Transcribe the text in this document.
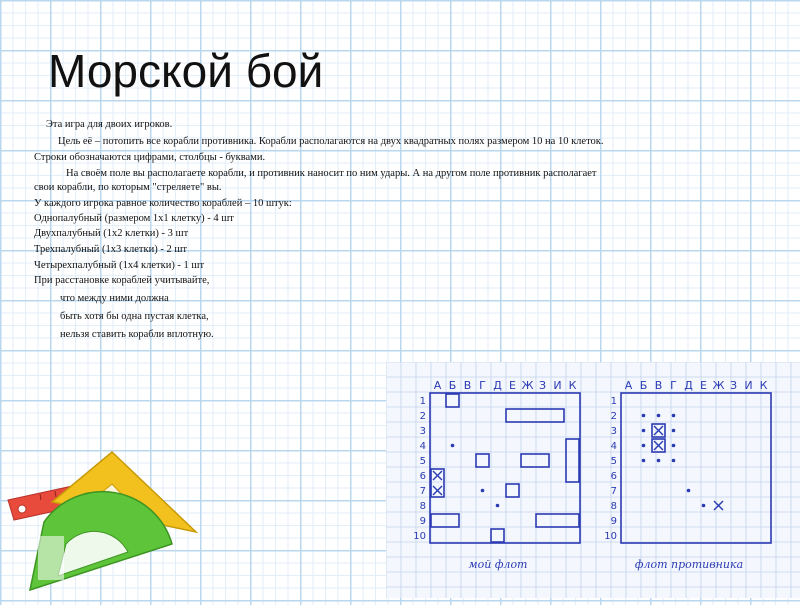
Морской бой

Эта игра для двоих игроков.

Цель её – потопить все корабли противника. Корабли располагаются на двух квадратных полях размером 10 на 10 клеток.

Строки обозначаются цифрами, столбцы - буквами.

На своём поле вы располагаете корабли, и противник наносит по ним удары. А на другом поле противник располагает

свои корабли, по которым "стреляете" вы.

У каждого игрока равное количество кораблей – 10 штук:

Однопалубный (размером 1х1 клетку) - 4 шт

Двухпалубный (1х2 клетки) - 3 шт

Трехпалубный (1х3 клетки) - 2 шт

Четырехпалубный (1х4 клетки) - 1 шт

При расстановке кораблей учитывайте,

что между ними должна

быть хотя бы одна пустая клетка,

нельзя ставить корабли вплотную.

мой флот
А Б В Г Д Е Ж З И К
1
2
3
4
5
6
7
8
9
10
флот противника
А Б В Г Д Е Ж З И К
1
2
3
4
5
6
7
8
9
10
